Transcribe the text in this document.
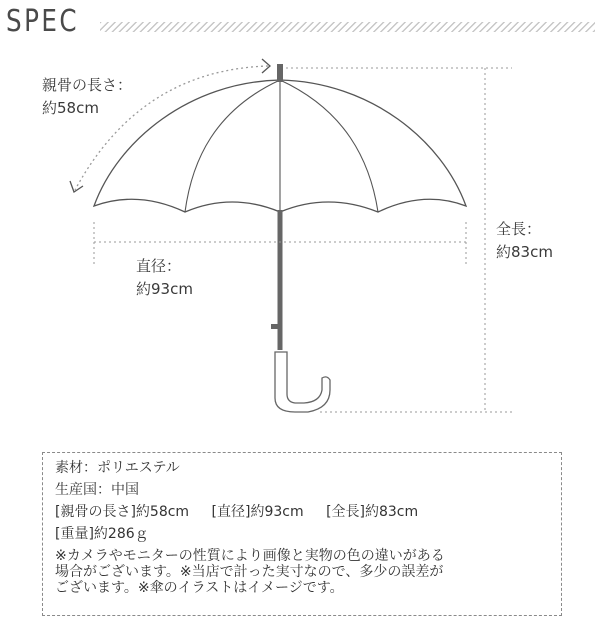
SPEC
親骨の長さ：
約58cm
直径：
約93cm
全長：
約83cm
素材：ポリエステル
生産国：中国
[親骨の長さ]約58cm [直径]約93cm [全長]約83cm
[重量]約286ｇ
※カメラやモニターの性質により画像と実物の色の違いがある
場合がございます。※当店で計った実寸なので、多少の誤差が
ございます。※傘のイラストはイメージです。
